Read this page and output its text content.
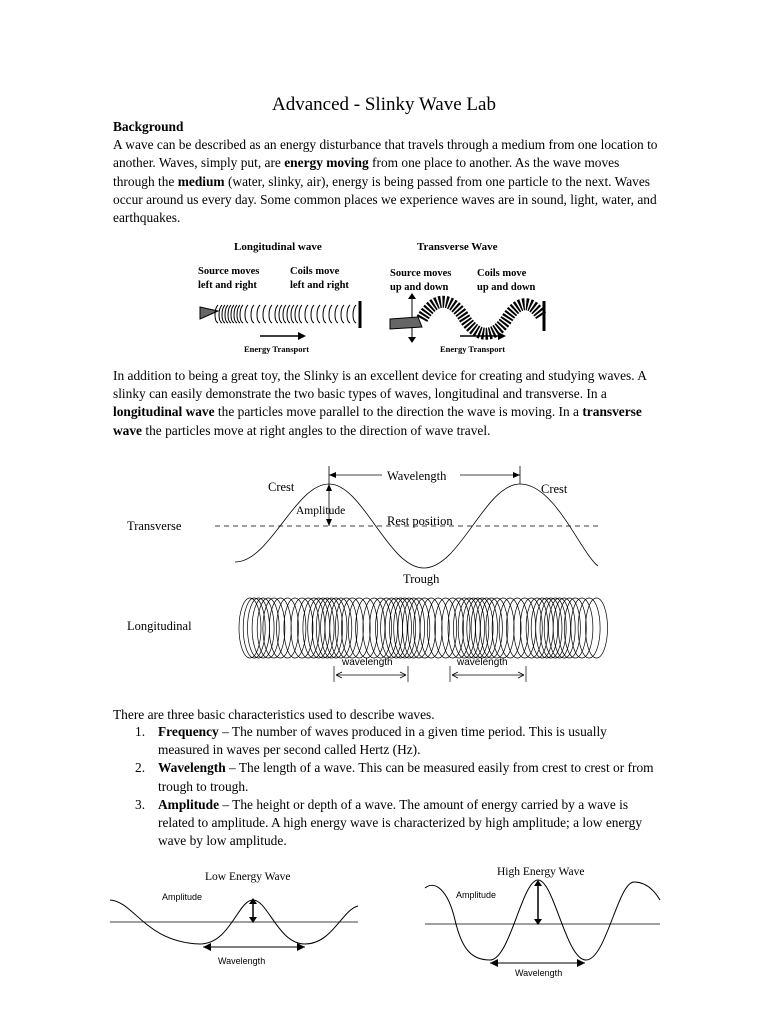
Advanced - Slinky Wave Lab
Background
A wave can be described as an energy disturbance that travels through a medium from one location to another. Waves, simply put, are energy moving from one place to another. As the wave moves through the medium (water, slinky, air), energy is being passed from one particle to the next. Waves occur around us every day. Some common places we experience waves are in sound, light, water, and earthquakes.
Longitudinal wave
Source moves
left and right
Coils move
left and right
Energy Transport
Transverse Wave
Source moves
up and down
Coils move
up and down
Energy Transport
In addition to being a great toy, the Slinky is an excellent device for creating and studying waves. A slinky can easily demonstrate the two basic types of waves, longitudinal and transverse. In a longitudinal wave the particles move parallel to the direction the wave is moving. In a transverse wave the particles move at right angles to the direction of wave travel.
Crest	Crest
Wavelength
Amplitude
Rest position
Transverse
Trough
Longitudinal
wavelength	wavelength
There are three basic characteristics used to describe waves.
1. Frequency – The number of waves produced in a given time period. This is usually measured in waves per second called Hertz (Hz).
2. Wavelength – The length of a wave. This can be measured easily from crest to crest or from trough to trough.
3. Amplitude – The height or depth of a wave. The amount of energy carried by a wave is related to amplitude. A high energy wave is characterized by high amplitude; a low energy wave by low amplitude.
Low Energy Wave
Amplitude
Wavelength
High Energy Wave
Amplitude
Wavelength
